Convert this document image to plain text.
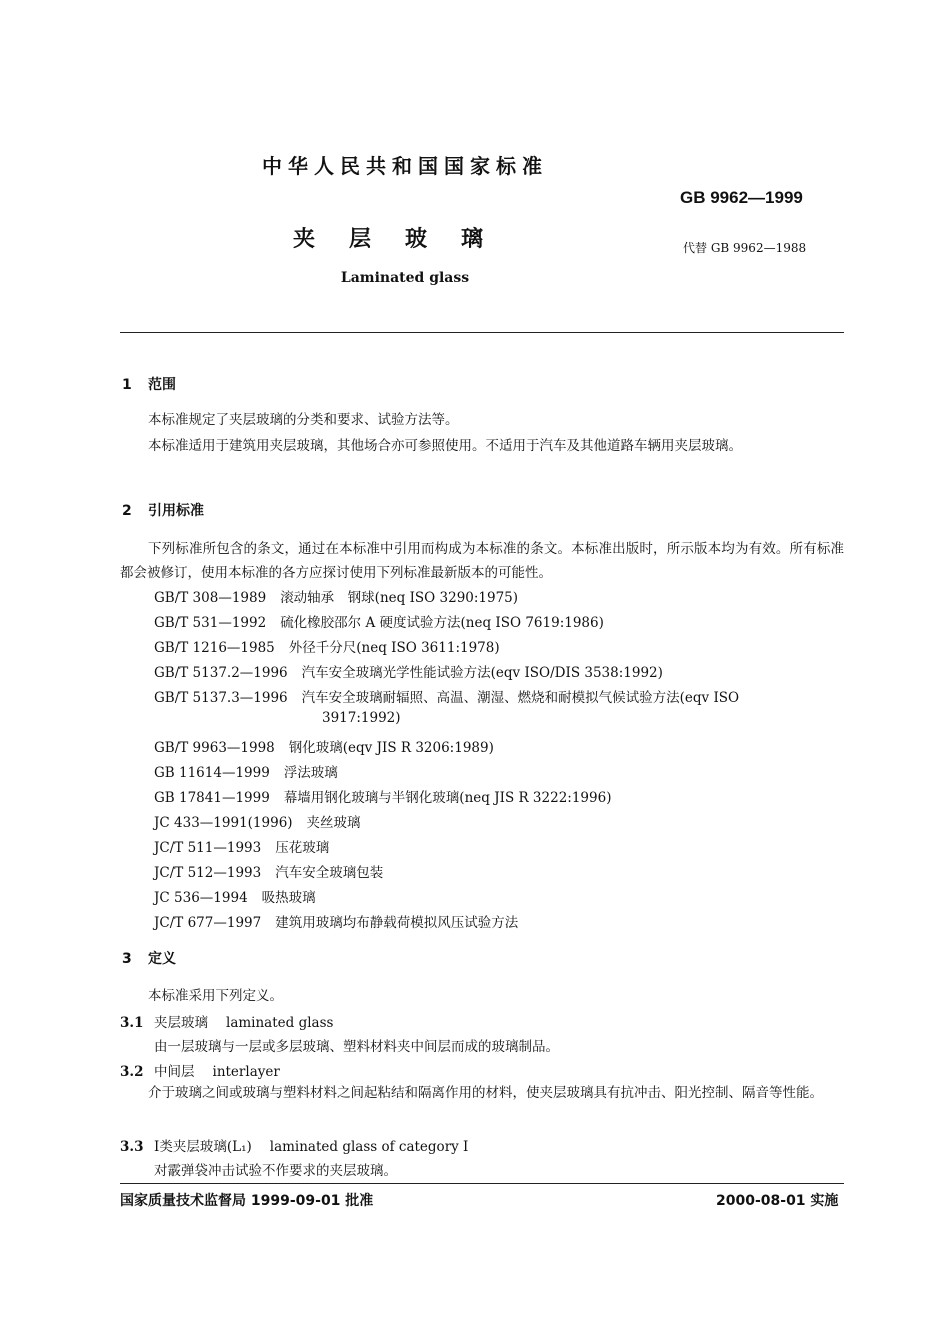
中华人民共和国国家标准
GB 9962—1999
夹层玻璃	代替 GB 9962—1988
Laminated glass
1 范围
本标准规定了夹层玻璃的分类和要求、试验方法等。
本标准适用于建筑用夹层玻璃，其他场合亦可参照使用。不适用于汽车及其他道路车辆用夹层玻璃。
2 引用标准
下列标准所包含的条文，通过在本标准中引用而构成为本标准的条文。本标准出版时，所示版本均为有效。所有标准都会被修订，使用本标准的各方应探讨使用下列标准最新版本的可能性。
GB/T 308—1989 滚动轴承　钢球(neq ISO 3290:1975)
GB/T 531—1992 硫化橡胶邵尔 A 硬度试验方法(neq ISO 7619:1986)
GB/T 1216—1985 外径千分尺(neq ISO 3611:1978)
GB/T 5137.2—1996 汽车安全玻璃光学性能试验方法(eqv ISO/DIS 3538:1992)
GB/T 5137.3—1996 汽车安全玻璃耐辐照、高温、潮湿、燃烧和耐模拟气候试验方法(eqv ISO
3917:1992)
GB/T 9963—1998 钢化玻璃(eqv JIS R 3206:1989)
GB 11614—1999 浮法玻璃
GB 17841—1999 幕墙用钢化玻璃与半钢化玻璃(neq JIS R 3222:1996)
JC 433—1991(1996) 夹丝玻璃
JC/T 511—1993 压花玻璃
JC/T 512—1993 汽车安全玻璃包装
JC 536—1994 吸热玻璃
JC/T 677—1997 建筑用玻璃均布静载荷模拟风压试验方法
3 定义
本标准采用下列定义。
3.1 夹层玻璃 laminated glass
由一层玻璃与一层或多层玻璃、塑料材料夹中间层而成的玻璃制品。
3.2 中间层 interlayer
介于玻璃之间或玻璃与塑料材料之间起粘结和隔离作用的材料，使夹层玻璃具有抗冲击、阳光控制、隔音等性能。
3.3 Ⅰ类夹层玻璃(L₁) laminated glass of category Ⅰ
对霰弹袋冲击试验不作要求的夹层玻璃。
国家质量技术监督局 1999-09-01 批准	2000-08-01 实施
